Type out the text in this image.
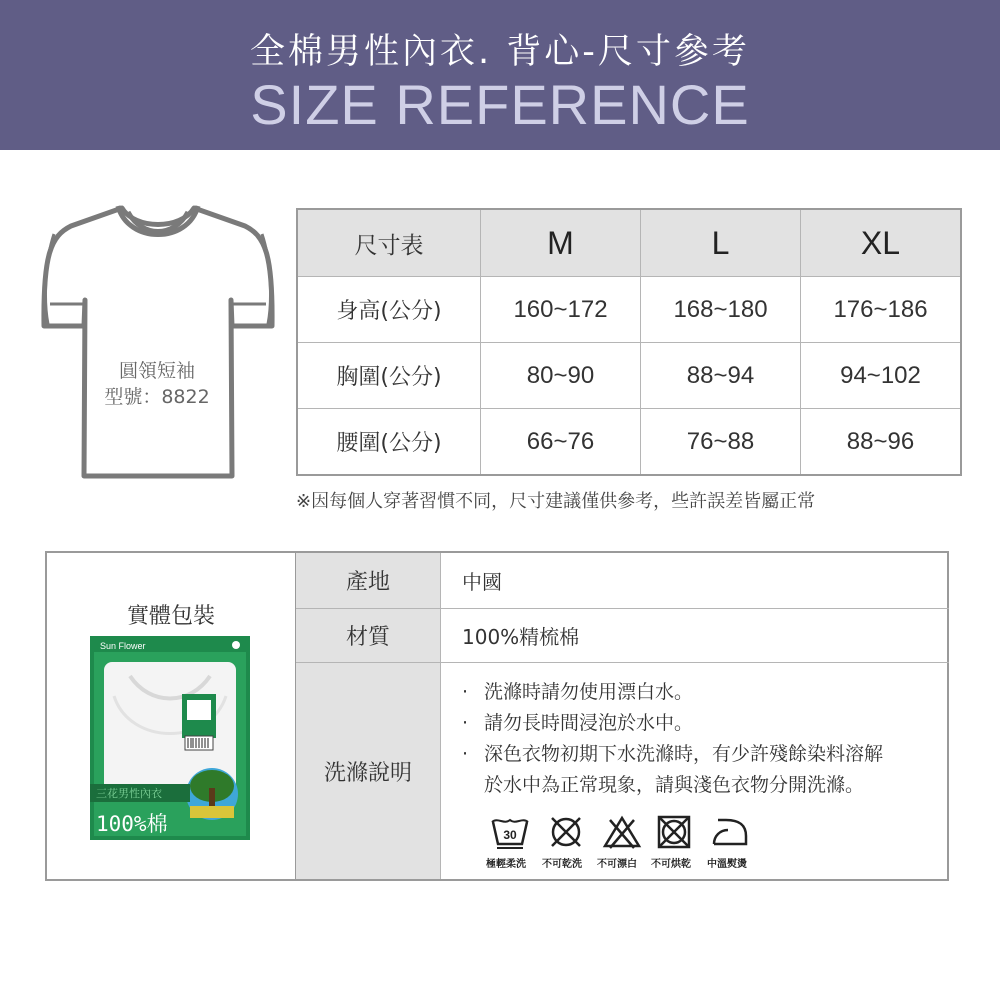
全棉男性內衣. 背心-尺寸參考
SIZE REFERENCE
圓領短袖
型號：8822
尺寸表	M	L	XL
身高(公分)	160~172	168~180	176~186
胸圍(公分)	80~90	88~94	94~102
腰圍(公分)	66~76	76~88	88~96
※因每個人穿著習慣不同，尺寸建議僅供參考，些許誤差皆屬正常
實體包裝
Sun Flower
三花男性內衣
100%棉
產地	中國
材質	100%精梳棉
洗滌說明
· 洗滌時請勿使用漂白水。
· 請勿長時間浸泡於水中。
· 深色衣物初期下水洗滌時，有少許殘餘染料溶解
於水中為正常現象，請與淺色衣物分開洗滌。
30
極輕柔洗 不可乾洗 不可漂白 不可烘乾 中溫熨燙
